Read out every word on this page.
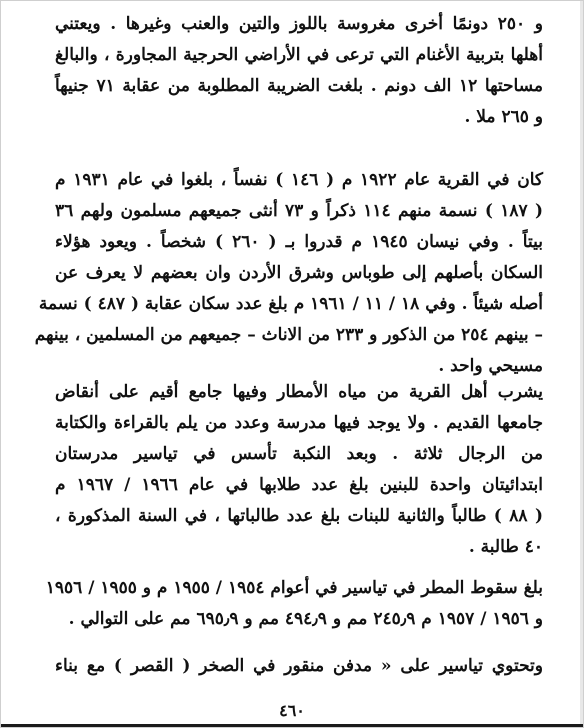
و ٢٥٠ دونمًا أخرى مغروسة باللوز والتين والعنب وغيرها . ويعتني
أهلها بتربية الأغنام التي ترعى في الأراضي الحرجية المجاورة ، والبالغ
مساحتها ١٢ الف دونم . بلغت الضريبة المطلوبة من عقابة ٧١ جنيهاً
و ٢٦٥ ملا .
كان في القرية عام ١٩٢٢ م ( ١٤٦ ) نفساً ، بلغوا في عام ١٩٣١ م
( ١٨٧ ) نسمة منهم ١١٤ ذكراً و ٧٣ أنثى جميعهم مسلمون ولهم ٣٦
بيتاً . وفي نيسان ١٩٤٥ م قدروا بـ ( ٢٦٠ ) شخصاً . ويعود هؤلاء
السكان بأصلهم إلى طوباس وشرق الأردن وان بعضهم لا يعرف عن
أصله شيئاً . وفي ١٨ / ١١ / ١٩٦١ م بلغ عدد سكان عقابة ( ٤٨٧ ) نسمة
– بينهم ٢٥٤ من الذكور و ٢٣٣ من الاناث – جميعهم من المسلمين ، بينهم
مسيحي واحد .
يشرب أهل القرية من مياه الأمطار وفيها جامع أقيم على أنقاض
جامعها القديم . ولا يوجد فيها مدرسة وعدد من يلم بالقراءة والكتابة
من الرجال ثلاثة . وبعد النكبة تأسس في تياسير مدرستان
ابتدائيتان واحدة للبنين بلغ عدد طلابها في عام ١٩٦٦ / ١٩٦٧ م
( ٨٨ ) طالباً والثانية للبنات بلغ عدد طالباتها ، في السنة المذكورة ،
٤٠ طالبة .
بلغ سقوط المطر في تياسير في أعوام ١٩٥٤ / ١٩٥٥ م و ١٩٥٥ / ١٩٥٦
و ١٩٥٦ / ١٩٥٧ م ٢٤٥٫٩ مم و ٤٩٤٫٩ مم و ٦٩٥٫٩ مم على التوالي .
وتحتوي تياسير على « مدفن منقور في الصخر ( القصر ) مع بناء
٤٦٠
